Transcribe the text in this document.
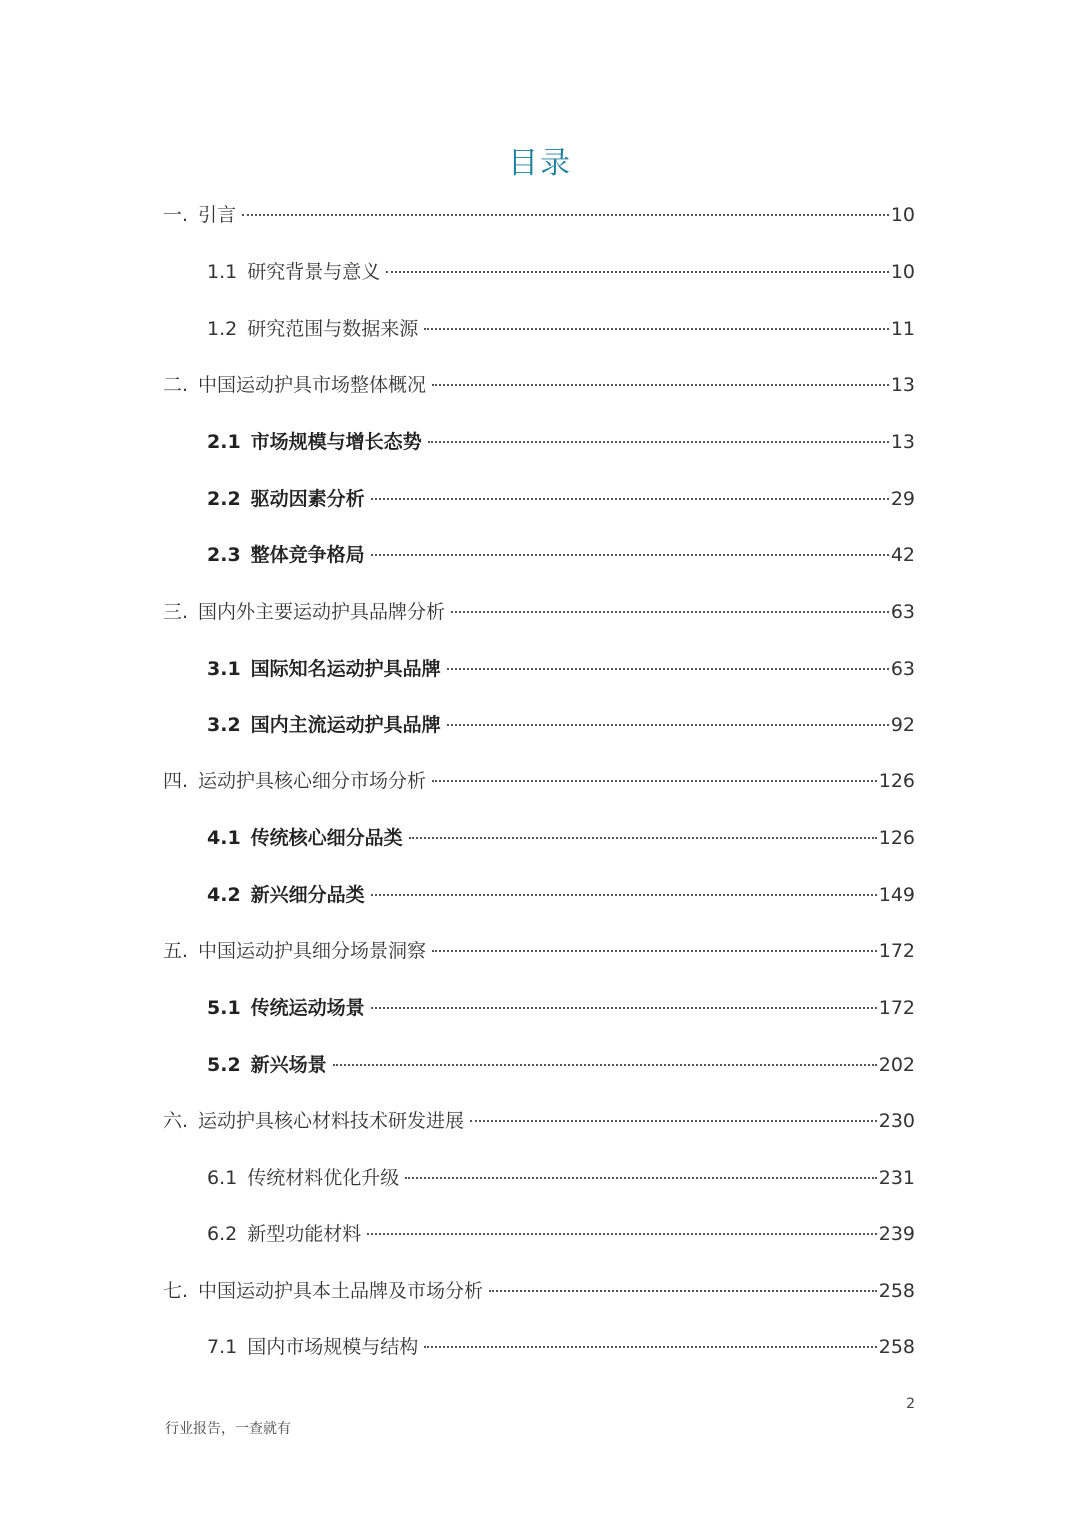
目录
一. 引言	10
1.1 研究背景与意义	10
1.2 研究范围与数据来源	11
二. 中国运动护具市场整体概况	13
2.1 市场规模与增长态势	13
2.2 驱动因素分析	29
2.3 整体竞争格局	42
三. 国内外主要运动护具品牌分析	63
3.1 国际知名运动护具品牌	63
3.2 国内主流运动护具品牌	92
四. 运动护具核心细分市场分析	126
4.1 传统核心细分品类	126
4.2 新兴细分品类	149
五. 中国运动护具细分场景洞察	172
5.1 传统运动场景	172
5.2 新兴场景	202
六. 运动护具核心材料技术研发进展	230
6.1 传统材料优化升级	231
6.2 新型功能材料	239
七. 中国运动护具本土品牌及市场分析	258
7.1 国内市场规模与结构	258
2
行业报告，一查就有
